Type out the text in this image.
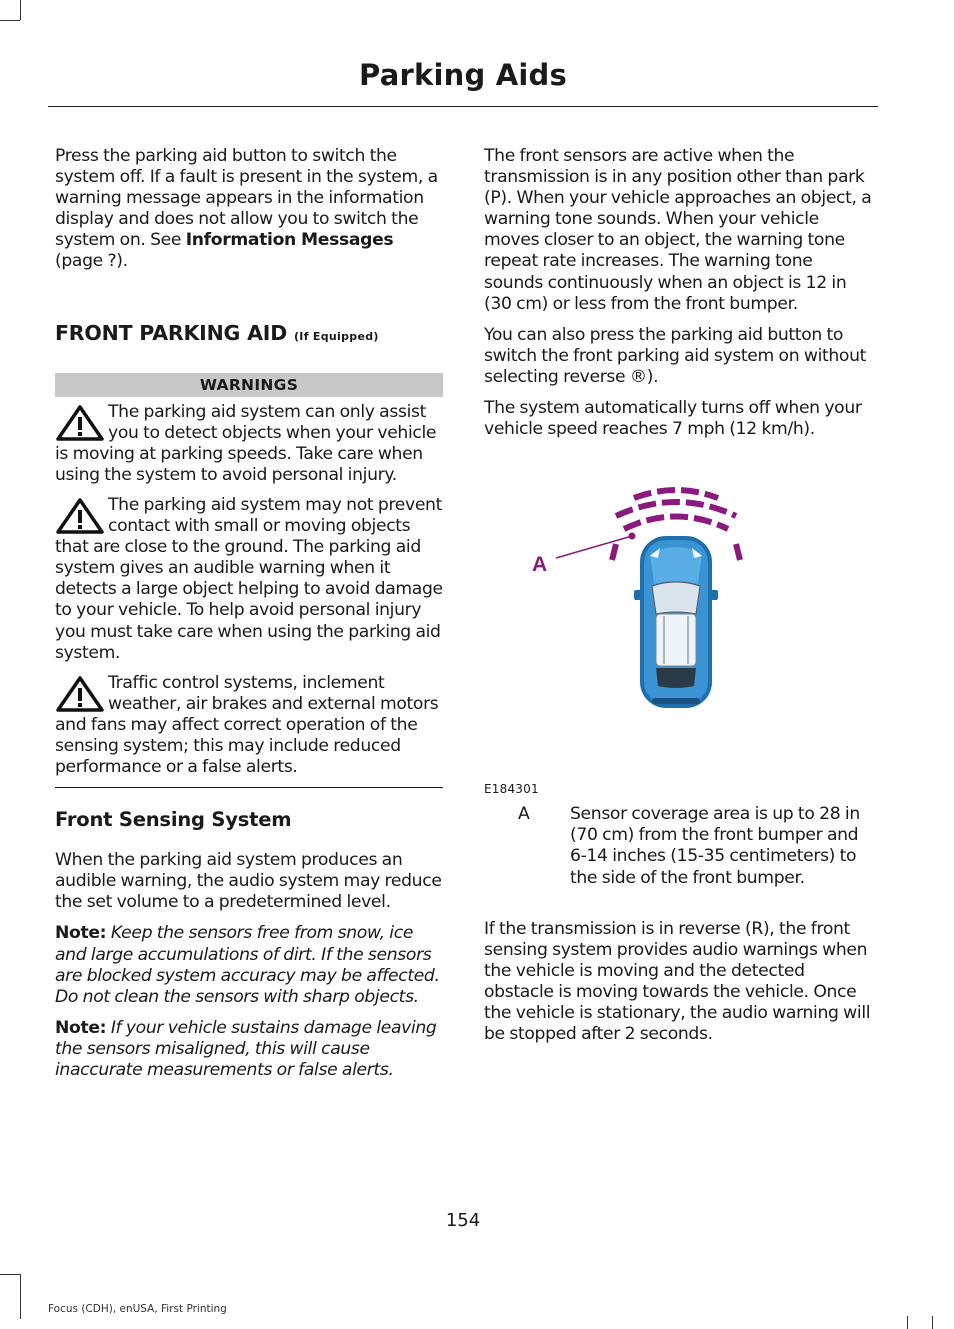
Parking Aids

Press the parking aid button to switch the system off. If a fault is present in the system, a warning message appears in the information display and does not allow you to switch the system on. See Information Messages (page ?).

FRONT PARKING AID (If Equipped)
WARNINGS

The parking aid system can only assist you to detect objects when your vehicle is moving at parking speeds. Take care when using the system to avoid personal injury.

The parking aid system may not prevent contact with small or moving objects that are close to the ground. The parking aid system gives an audible warning when it detects a large object helping to avoid damage to your vehicle. To help avoid personal injury you must take care when using the parking aid system.

Traffic control systems, inclement weather, air brakes and external motors and fans may affect correct operation of the sensing system; this may include reduced performance or a false alerts.

Front Sensing System

When the parking aid system produces an audible warning, the audio system may reduce the set volume to a predetermined level.

Note: Keep the sensors free from snow, ice and large accumulations of dirt. If the sensors are blocked system accuracy may be affected. Do not clean the sensors with sharp objects.

Note: If your vehicle sustains damage leaving the sensors misaligned, this will cause inaccurate measurements or false alerts.

The front sensors are active when the transmission is in any position other than park (P). When your vehicle approaches an object, a warning tone sounds. When your vehicle moves closer to an object, the warning tone repeat rate increases. The warning tone sounds continuously when an object is 12 in (30 cm) or less from the front bumper.

You can also press the parking aid button to switch the front parking aid system on without selecting reverse ®).

The system automatically turns off when your vehicle speed reaches 7 mph (12 km/h).

A
E184301
A	Sensor coverage area is up to 28 in (70 cm) from the front bumper and 6-14 inches (15-35 centimeters) to the side of the front bumper.

If the transmission is in reverse (R), the front sensing system provides audio warnings when the vehicle is moving and the detected obstacle is moving towards the vehicle. Once the vehicle is stationary, the audio warning will be stopped after 2 seconds.

154
Focus (CDH), enUSA, First Printing
